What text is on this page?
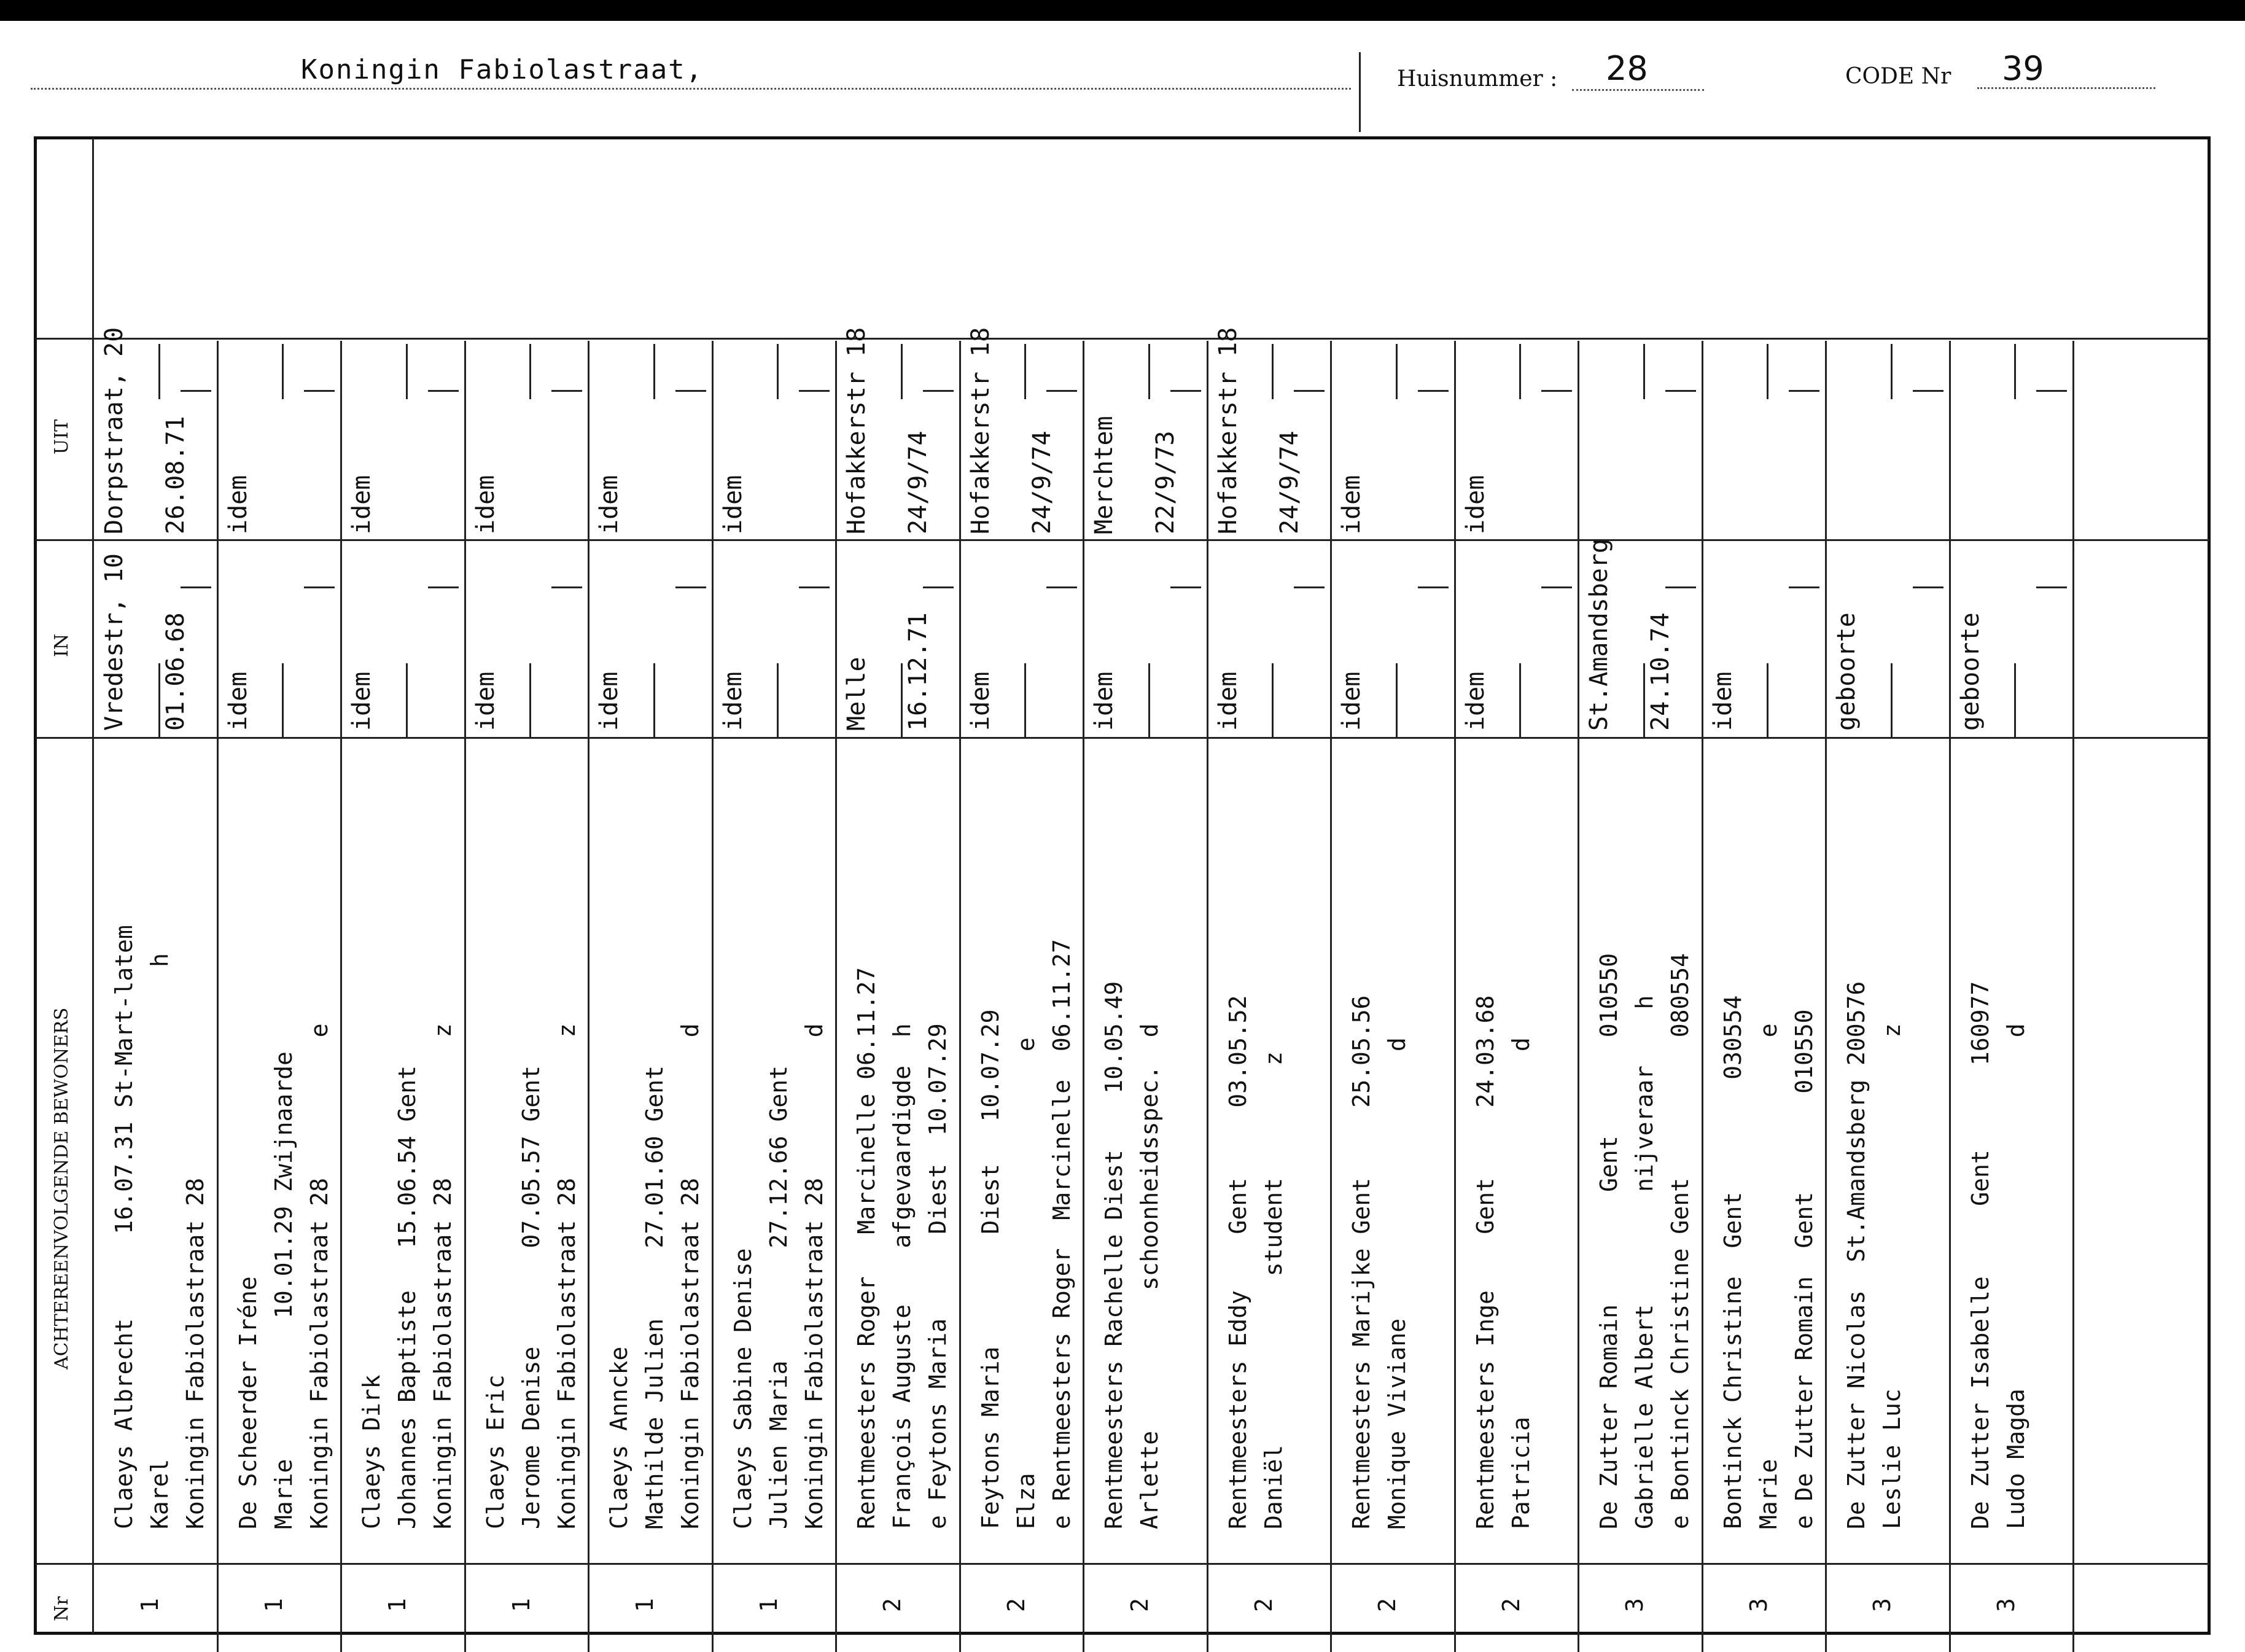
Koningin Fabiolastraat,	Huisnummer : 28	CODE Nr 39
Nr
ACHTEREENVOLGENDE BEWONERS
IN
UIT
1
Claeys Albrecht      16.07.31 St-Mart-latem Karel                                   h Koningin Fabiolastraat 28
Vredestr, 10 01.06.68
Dorpstraat, 20 26.08.71
1
De Scheerder Iréne Marie          10.01.29 Zwijnaarde Koningin Fabiolastraat 28          e
idem
idem
1
Claeys Dirk Johannes Baptiste   15.06.54 Gent Koningin Fabiolastraat 28          z
idem
idem
1
Claeys Eric Jerome Denise       07.05.57 Gent Koningin Fabiolastraat 28          z
idem
idem
1
Claeys Anncke Mathilde Julien     27.01.60 Gent Koningin Fabiolastraat 28          d
idem
idem
1
Claeys Sabine Denise Julien Maria        27.12.66 Gent Koningin Fabiolastraat 28          d
idem
idem
2
Rentmeesters Roger   Marcinelle 06.11.27 François Auguste    afgevaardigde  h e Feytons Maria      Diest  10.07.29
Melle 16.12.71
Hofakkerstr 18 24/9/74
2
Feytons Maria        Diest   10.07.29 Elza                              e e Rentmeesters Roger  Marcinelle  06.11.27
idem
Hofakkerstr 18 24/9/74
2
Rentmeesters Rachelle Diest    10.05.49 Arlette          schoonheidsspec.  d
idem
Merchtem 22/9/73
2
Rentmeesters Eddy    Gent     03.05.52 Daniël            student        z
idem
Hofakkerstr 18 24/9/74
2
Rentmeesters Marijke Gent     25.05.56 Monique Viviane                   d
idem
idem
2
Rentmeesters Inge    Gent     24.03.68 Patricia                          d
idem
idem
3
De Zutter Romain        Gent       010550 Gabrielle Albert        nijveraar    h e Bontinck Christine Gent          080554
St.Amandsberg 24.10.74
3
Bontinck Christine  Gent        030554 Marie                              e e De Zutter Romain  Gent       010550
idem
3
De Zutter Nicolas  St.Amandsberg 200576 Leslie Luc                         z
geboorte
3
De Zutter Isabelle     Gent      160977 Ludo Magda                         d
geboorte
